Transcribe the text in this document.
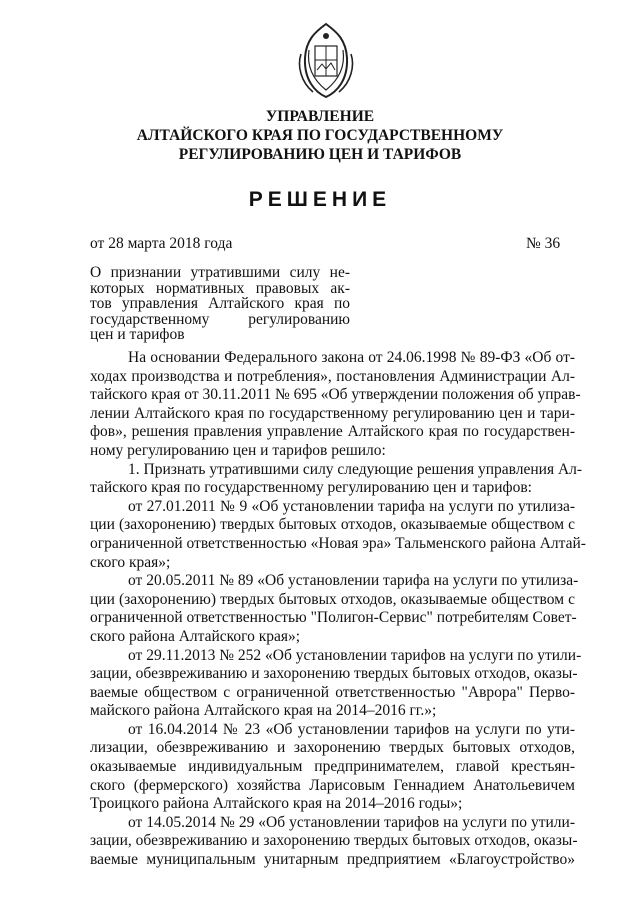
УПРАВЛЕНИЕ
АЛТАЙСКОГО КРАЯ ПО ГОСУДАРСТВЕННОМУ
РЕГУЛИРОВАНИЮ ЦЕН И ТАРИФОВ
РЕШЕНИЕ
от 28 марта 2018 года	№ 36
О признании утратившими силу не-
которых нормативных правовых ак-
тов управления Алтайского края по
государственному регулированию
цен и тарифов
На основании Федерального закона от 24.06.1998 № 89-ФЗ «Об от-
ходах производства и потребления», постановления Администрации Ал-
тайского края от 30.11.2011 № 695 «Об утверждении положения об управ-
лении Алтайского края по государственному регулированию цен и тари-
фов», решения правления управление Алтайского края по государствен-
ному регулированию цен и тарифов решило:
1. Признать утратившими силу следующие решения управления Ал-
тайского края по государственному регулированию цен и тарифов:
от 27.01.2011 № 9 «Об установлении тарифа на услуги по утилиза-
ции (захоронению) твердых бытовых отходов, оказываемые обществом с
ограниченной ответственностью «Новая эра» Тальменского района Алтай-
ского края»;
от 20.05.2011 № 89 «Об установлении тарифа на услуги по утилиза-
ции (захоронению) твердых бытовых отходов, оказываемые обществом с
ограниченной ответственностью "Полигон-Сервис" потребителям Совет-
ского района Алтайского края»;
от 29.11.2013 № 252 «Об установлении тарифов на услуги по утили-
зации, обезвреживанию и захоронению твердых бытовых отходов, оказы-
ваемые обществом с ограниченной ответственностью "Аврора" Перво-
майского района Алтайского края на 2014–2016 гг.»;
от 16.04.2014 № 23 «Об установлении тарифов на услуги по ути-
лизации, обезвреживанию и захоронению твердых бытовых отходов,
оказываемые индивидуальным предпринимателем, главой крестьян-
ского (фермерского) хозяйства Ларисовым Геннадием Анатольевичем
Троицкого района Алтайского края на 2014–2016 годы»;
от 14.05.2014 № 29 «Об установлении тарифов на услуги по утили-
зации, обезвреживанию и захоронению твердых бытовых отходов, оказы-
ваемые муниципальным унитарным предприятием «Благоустройство»
